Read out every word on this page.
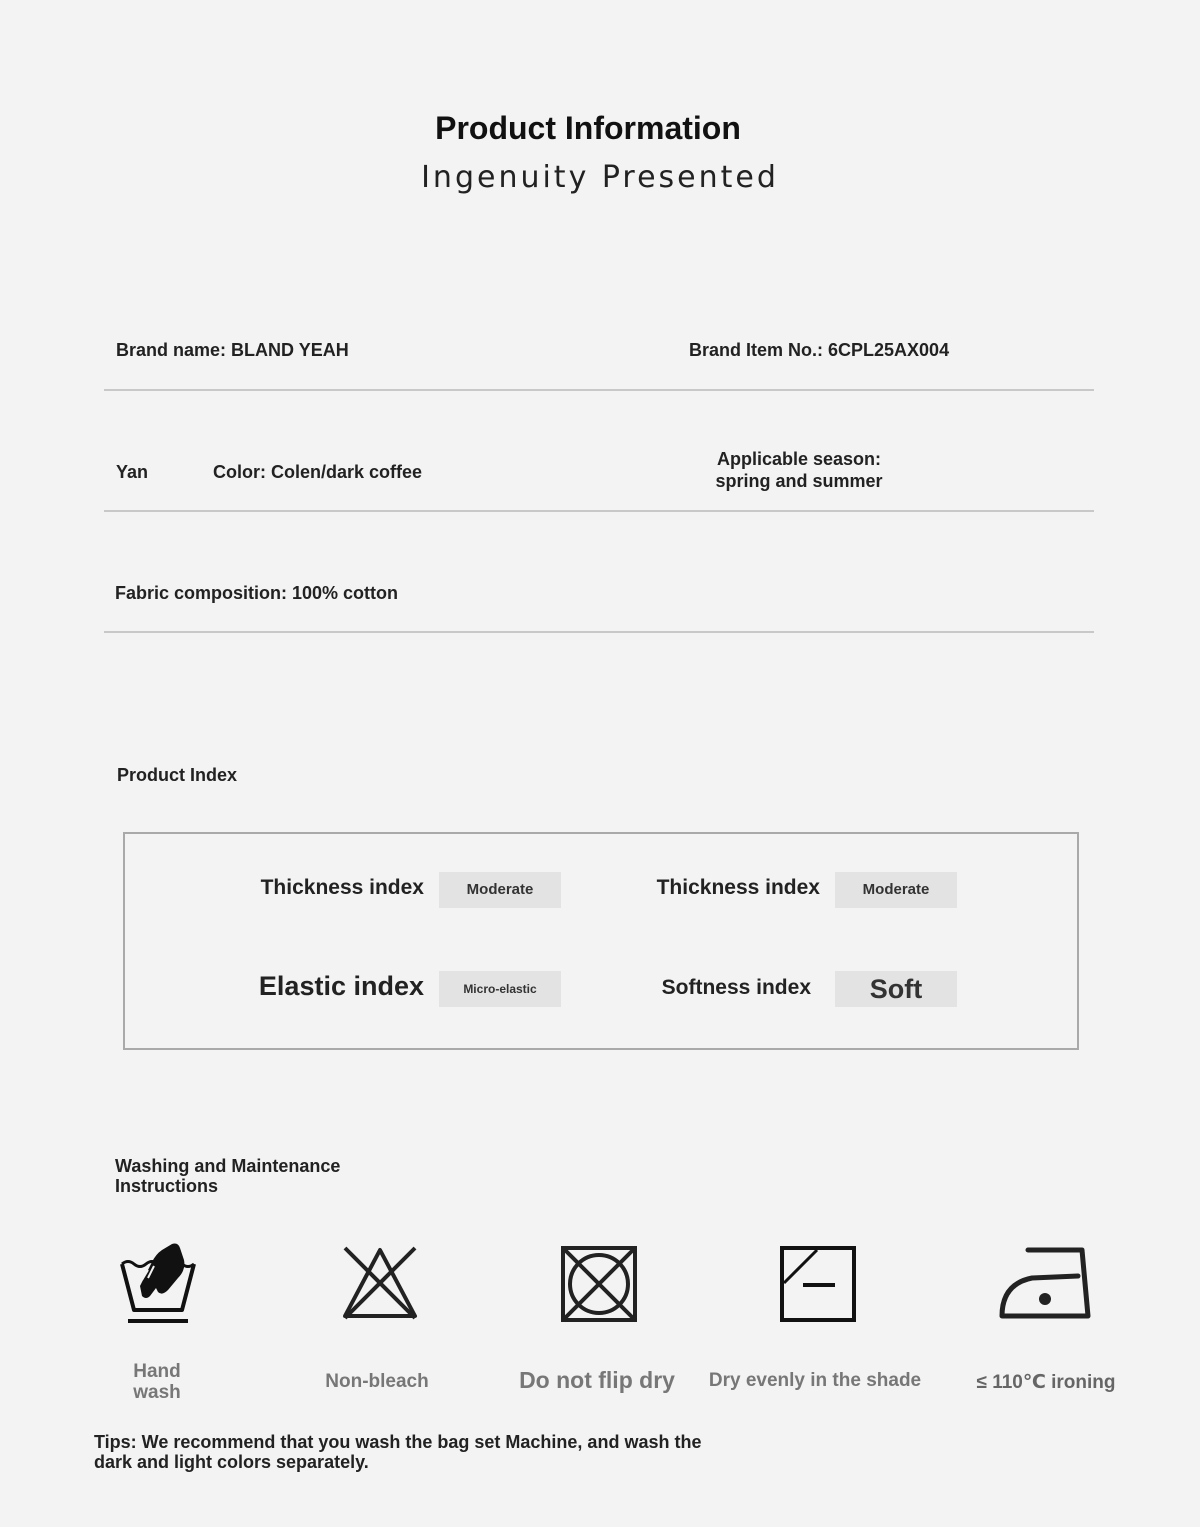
Product Information
Ingenuity Presented
Brand name: BLAND YEAH	Brand Item No.: 6CPL25AX004
Yan	Color: Colen/dark coffee
Applicable season:
spring and summer
Fabric composition: 100% cotton
Product Index
Thickness index	Moderate	Thickness index	Moderate
Elastic index	Micro-elastic	Softness index	Soft
Washing and Maintenance
Instructions
Hand
wash
Non-bleach	Do not flip dry	Dry evenly in the shade	≤ 110℃ ironing
Tips: We recommend that you wash the bag set Machine, and wash the dark and light colors separately.
